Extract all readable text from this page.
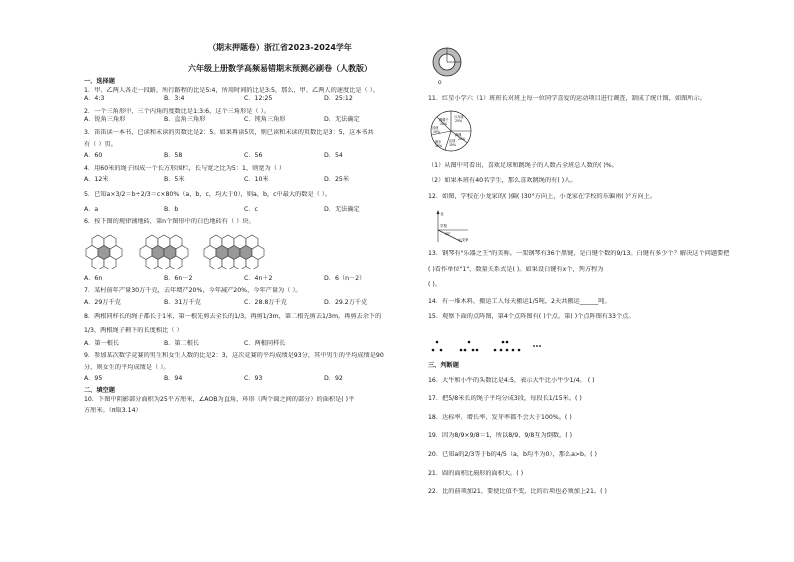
（期末押题卷）浙江省2023-2024学年
六年级上册数学高频易错期末预测必刷卷（人教版）
一、选择题
1．甲、乙两人各走一段路，所行路程的比是5:4，所用时间的比是3:5，那么，甲、乙两人的速度比是（ ）。
A．4:3	B．3:4	C．12:25	D．25:12
2．一个三角形中，三个内角的度数比是1:3:6，这个三角形是（ ）。
A．锐角三角形	B．直角三角形	C．钝角三角形	D．无法确定
3．笛笛读一本书，已读和未读的页数比是2：5。如果再读5页，则已读和未读的页数比是3：5，这本书共
有（ ）页。
A．60	B．58	C．56	D．54
4．用60米的绳子围成一个长方形围栏，长与宽之比为5：1，则宽为（ ）
A．12米	B．5米	C．10米	D．25米
5．已知a×3/2＝b÷2/3＝c×80%（a，b，c，均大于0），则a，b，c中最大的数是（ ）。
A．a	B．b	C．c	D．无法确定
6．按下图的规律铺地砖，第n个图形中的白色地砖有（ ）块。
A．6n	B．6n－2	C．4n＋2	D．6（n－2）
7．某村前年产量30万千克，去年增产20%，今年减产20%，今年产量为（ ）。
A．29万千克	B．31万千克	C．28.8万千克	D．29.2万千克
8．两根同样长的绳子都长于1米，第一根先剪去全长的1/3，再剪1/3m，第二根先剪去1/3m，再剪去余下的
1/3，两根绳子剩下的长度相比（ ）
A．第一根长	B．第二根长	C．两根同样长
9．参加某次数学竞赛的男生和女生人数的比是2：3，这次竞赛的平均成绩是93分，其中男生的平均成绩是90
分，则女生的平均成绩是（ ）。
A．95	B．94	C．93	D．92
二、填空题
10．下图中阴影部分面积为25平方厘米，∠AOB为直角，环形（两个圆之间的部分）的面积是( )平
方厘米。（π取3.14）
O
11．红星小学六（1）班班长对班上每一位同学喜爱的运动项目进行调查，制成了统计图，如图所示。
乒乓球
25%
跳绳
20%
足球
10%
跑步
15%
其他
10%
踢毽子
20%
（1）从图中可看出，喜欢足球和跳绳子的人数占全班总人数的( )%。
（2）如果本班有40名学生，那么喜欢跳绳的有( )人。
12．如图，学校在小龙家的( )偏( )30°方向上，小龙家在学校的东偏南( )°方向上。
北
学校
30°
小龙家
13．钢琴有"乐器之王"的美称。一架钢琴有36个黑键，是白键个数的9/13。白键有多少个？解决这个问题要把
( )看作单位"1"，数量关系式是( )。如果设白键有x个，列方程为
( )。
14．有一堆木料，搬运工人每天搬运1/5吨，2天共搬运______吨。
15．观察下面的点阵图，第4个点阵图有( )个点，第( )个点阵图有33个点。
三、判断题
16．大牛和小牛的头数比是4:5，表示大牛比小牛少1/4。 ( )
17．把5/8米长的绳子平均分成3段，每段长1/15米。( )
18．达标率、增长率、发芽率都不会大于100%。( )
19．因为8/9×9/8＝1，所以8/9、9/8互为倒数。( )
20．已知a的2/3等于b的4/5（a，b均不为0），那么a>b。( )
21．圆的面积比扇形的面积大。( )
22．比的前项加21，要使比值不变，比的后项也必须加上21。( )
